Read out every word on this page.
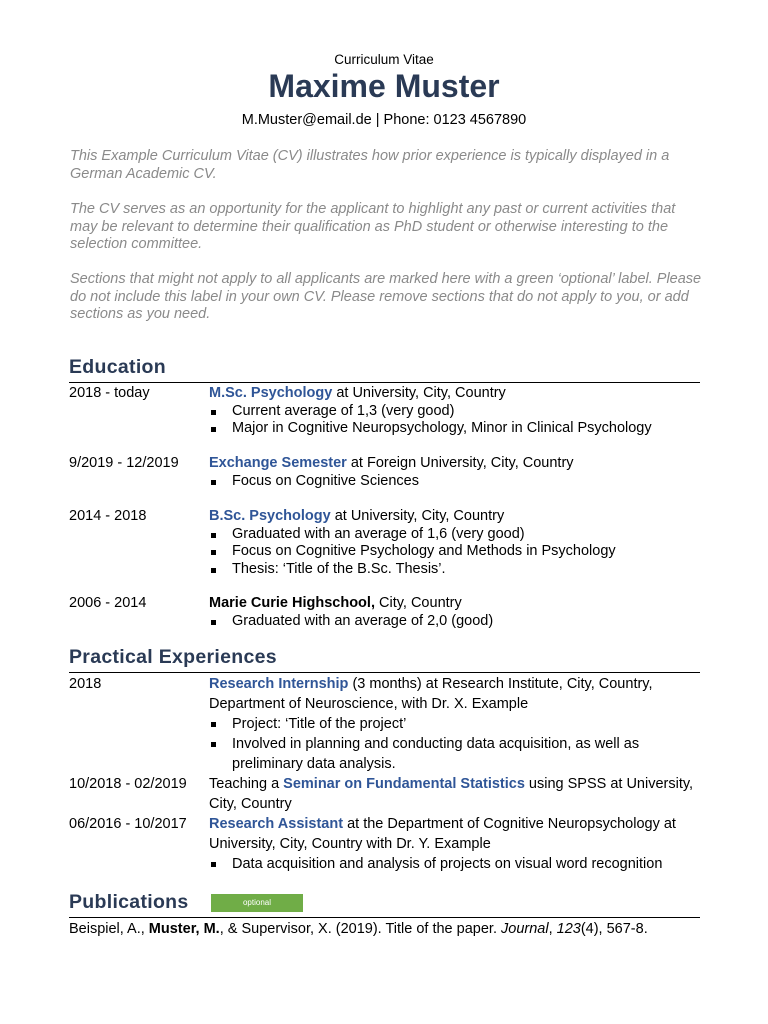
Curriculum Vitae
Maxime Muster
M.Muster@email.de | Phone: 0123 4567890
This Example Curriculum Vitae (CV) illustrates how prior experience is typically displayed in a German Academic CV.
The CV serves as an opportunity for the applicant to highlight any past or current activities that may be relevant to determine their qualification as PhD student or otherwise interesting to the selection committee.
Sections that might not apply to all applicants are marked here with a green ‘optional’ label. Please do not include this label in your own CV. Please remove sections that do not apply to you, or add sections as you need.
Education
2018 - today	M.Sc. Psychology at University, City, Country
Current average of 1,3 (very good)
Major in Cognitive Neuropsychology, Minor in Clinical Psychology
9/2019 - 12/2019	Exchange Semester at Foreign University, City, Country
Focus on Cognitive Sciences
2014 - 2018	B.Sc. Psychology at University, City, Country
Graduated with an average of 1,6 (very good)
Focus on Cognitive Psychology and Methods in Psychology
Thesis: ‘Title of the B.Sc. Thesis’.
2006 - 2014	Marie Curie Highschool, City, Country
Graduated with an average of 2,0 (good)
Practical Experiences
2018	Research Internship (3 months) at Research Institute, City, Country, Department of Neuroscience, with Dr. X. Example
Project: ‘Title of the project’
Involved in planning and conducting data acquisition, as well as preliminary data analysis.
10/2018 - 02/2019	Teaching a Seminar on Fundamental Statistics using SPSS at University, City, Country
06/2016 - 10/2017	Research Assistant at the Department of Cognitive Neuropsychology at University, City, Country with Dr. Y. Example
Data acquisition and analysis of projects on visual word recognition
Publications	optional
Beispiel, A., Muster, M., & Supervisor, X. (2019). Title of the paper. Journal, 123(4), 567-8.
